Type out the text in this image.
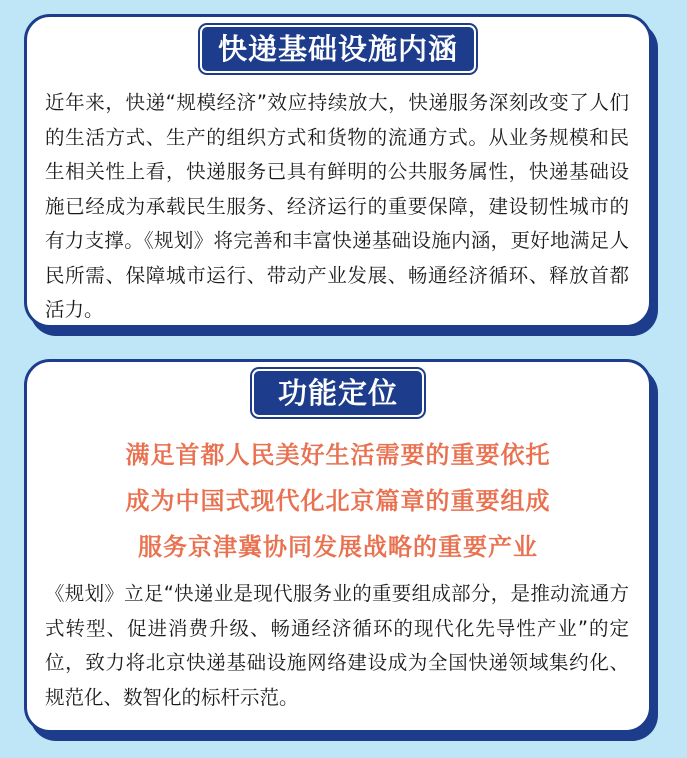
快递基础设施内涵

近年来，快递“规模经济”效应持续放大，快递服务深刻改变了人们的生活方式、生产的组织方式和货物的流通方式。从业务规模和民生相关性上看，快递服务已具有鲜明的公共服务属性，快递基础设施已经成为承载民生服务、经济运行的重要保障，建设韧性城市的有力支撑。《规划》将完善和丰富快递基础设施内涵，更好地满足人民所需、保障城市运行、带动产业发展、畅通经济循环、释放首都活力。

功能定位
满足首都人民美好生活需要的重要依托
成为中国式现代化北京篇章的重要组成
服务京津冀协同发展战略的重要产业

《规划》立足“快递业是现代服务业的重要组成部分，是推动流通方式转型、促进消费升级、畅通经济循环的现代化先导性产业”的定位，致力将北京快递基础设施网络建设成为全国快递领域集约化、规范化、数智化的标杆示范。
